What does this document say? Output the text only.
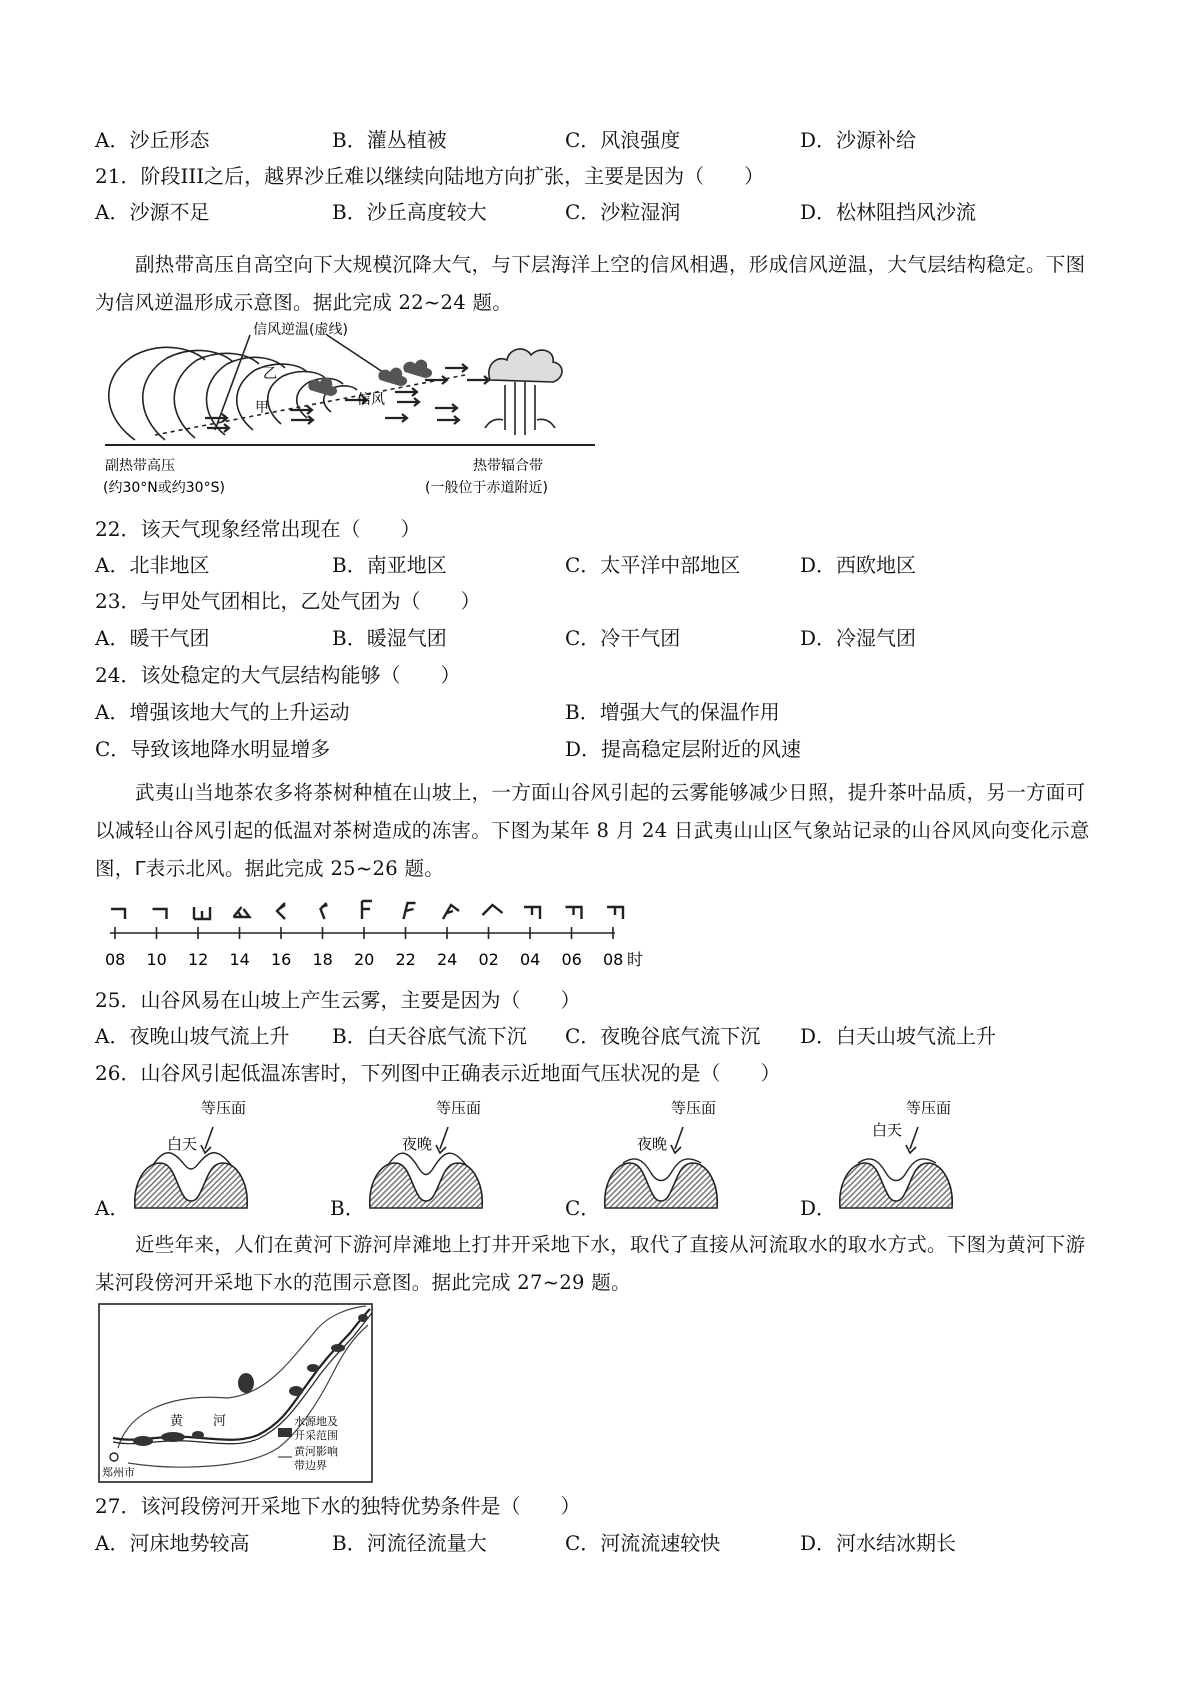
A．沙丘形态	B．灌丛植被	C．风浪强度	D．沙源补给
21．阶段III之后，越界沙丘难以继续向陆地方向扩张，主要是因为（　　）
A．沙源不足	B．沙丘高度较大	C．沙粒湿润	D．松林阻挡风沙流
副热带高压自高空向下大规模沉降大气，与下层海洋上空的信风相遇，形成信风逆温，大气层结构稳定。下图为信风逆温形成示意图。据此完成 22~24 题。
信风逆温(虚线)
乙
甲	信风
副热带高压
(约30°N或约30°S)
热带辐合带
(一般位于赤道附近)
22．该天气现象经常出现在（　　）
A．北非地区	B．南亚地区	C．太平洋中部地区	D．西欧地区
23．与甲处气团相比，乙处气团为（　　）
A．暖干气团	B．暖湿气团	C．冷干气团	D．冷湿气团
24．该处稳定的大气层结构能够（　　）
A．增强该地大气的上升运动	B．增强大气的保温作用
C．导致该地降水明显增多	D．提高稳定层附近的风速
武夷山当地茶农多将茶树种植在山坡上，一方面山谷风引起的云雾能够减少日照，提升茶叶品质，另一方面可以减轻山谷风引起的低温对茶树造成的冻害。下图为某年 8 月 24 日武夷山山区气象站记录的山谷风风向变化示意图，ᒥ表示北风。据此完成 25~26 题。
08 10 12 14 16 18 20 22 24 02 04 06 08 时
25．山谷风易在山坡上产生云雾，主要是因为（　　）
A．夜晚山坡气流上升 B．白天谷底气流下沉 C．夜晚谷底气流下沉 D．白天山坡气流上升
26．山谷风引起低温冻害时，下列图中正确表示近地面气压状况的是（　　）
A．
等压面
白天
B．
等压面
夜晚
C．
等压面
夜晚
D．
等压面
白天
近些年来，人们在黄河下游河岸滩地上打井开采地下水，取代了直接从河流取水的取水方式。下图为黄河下游某河段傍河开采地下水的范围示意图。据此完成 27~29 题。
水源地及
开采范围
黄河影响
带边界
黄 河
郑州市
27．该河段傍河开采地下水的独特优势条件是（　　）
A．河床地势较高	B．河流径流量大	C．河流流速较快	D．河水结冰期长
